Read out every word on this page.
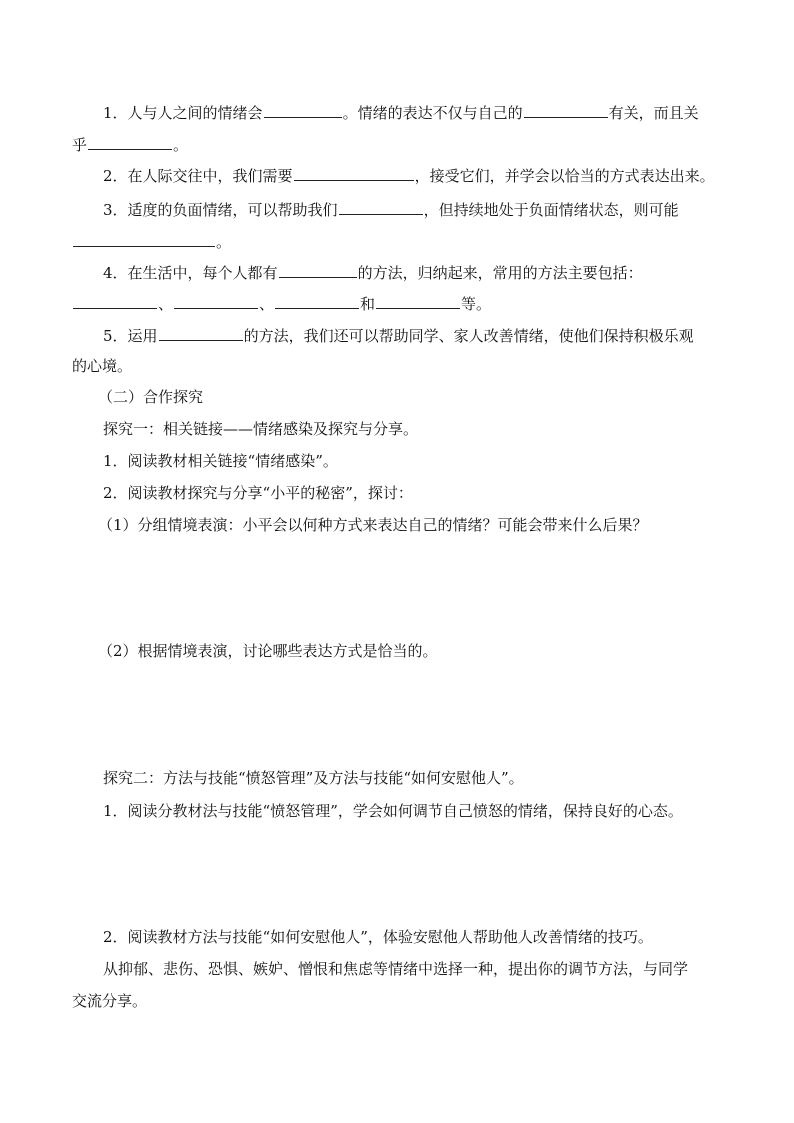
1．人与人之间的情绪会	。情绪的表达不仅与自己的	有关，而且关
乎	。
2．在人际交往中，我们需要	，接受它们，并学会以恰当的方式表达出来。
3．适度的负面情绪，可以帮助我们	，但持续地处于负面情绪状态，则可能
。
4．在生活中，每个人都有	的方法，归纳起来，常用的方法主要包括：
、	、	和	等。
5．运用	的方法，我们还可以帮助同学、家人改善情绪，使他们保持积极乐观
的心境。
（二）合作探究
探究一：相关链接——情绪感染及探究与分享。
1．阅读教材相关链接“情绪感染”。
2．阅读教材探究与分享“小平的秘密”，探讨：
（1）分组情境表演：小平会以何种方式来表达自己的情绪？可能会带来什么后果？
（2）根据情境表演，讨论哪些表达方式是恰当的。
探究二：方法与技能“愤怒管理”及方法与技能“如何安慰他人”。
1．阅读分教材法与技能“愤怒管理”，学会如何调节自己愤怒的情绪，保持良好的心态。
2．阅读教材方法与技能“如何安慰他人”，体验安慰他人帮助他人改善情绪的技巧。
从抑郁、悲伤、恐惧、嫉妒、憎恨和焦虑等情绪中选择一种，提出你的调节方法，与同学
交流分享。
